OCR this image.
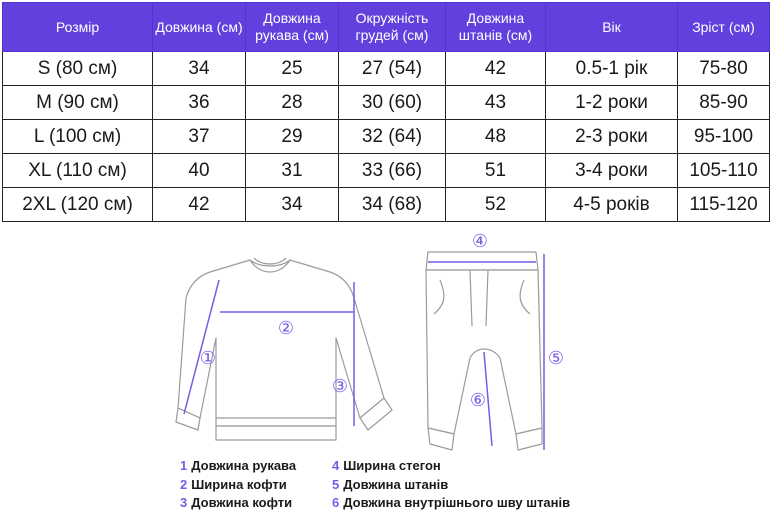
Розмір	Довжина (см)	Довжина рукава (см)	Окружність грудей (см)	Довжина штанів (см)	Вік	Зріст (см)
S (80 см)	34	25	27 (54)	42	0.5-1 рік	75-80
M (90 см)	36	28	30 (60)	43	1-2 роки	85-90
L (100 см)	37	29	32 (64)	48	2-3 роки	95-100
XL (110 см)	40	31	33 (66)	51	3-4 роки	105-110
2XL (120 см)	42	34	34 (68)	52	4-5 років	115-120
①
②
③
④
⑤
⑥
1 Довжина рукава
2 Ширина кофти
3 Довжина кофти
4 Ширина стегон
5 Довжина штанів
6 Довжина внутрішнього шву штанів
